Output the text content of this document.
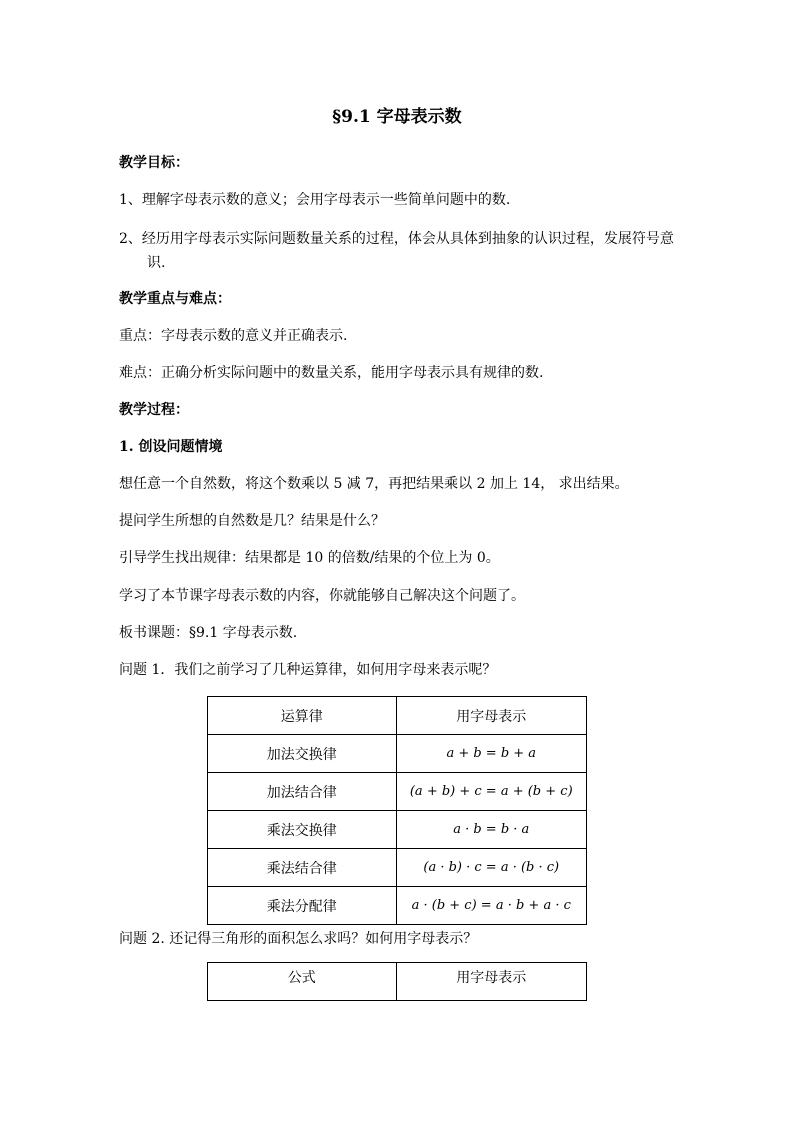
§9.1 字母表示数
教学目标：
1、理解字母表示数的意义；会用字母表示一些简单问题中的数.
2、经历用字母表示实际问题数量关系的过程，体会从具体到抽象的认识过程，发展符号意
识.
教学重点与难点：
重点：字母表示数的意义并正确表示.
难点：正确分析实际问题中的数量关系，能用字母表示具有规律的数.
教学过程：
1. 创设问题情境
想任意一个自然数，将这个数乘以 5 减 7，再把结果乘以 2 加上 14， 求出结果。
提问学生所想的自然数是几？结果是什么？
引导学生找出规律：结果都是 10 的倍数/结果的个位上为 0。
学习了本节课字母表示数的内容，你就能够自己解决这个问题了。
板书课题：§9.1 字母表示数.
问题 1．我们之前学习了几种运算律，如何用字母来表示呢？
运算律	用字母表示
加法交换律	a + b = b + a
加法结合律	(a + b) + c = a + (b + c)
乘法交换律	a · b = b · a
乘法结合律	(a · b) · c = a · (b · c)
乘法分配律	a · (b + c) = a · b + a · c
问题 2. 还记得三角形的面积怎么求吗？如何用字母表示？
公式	用字母表示
